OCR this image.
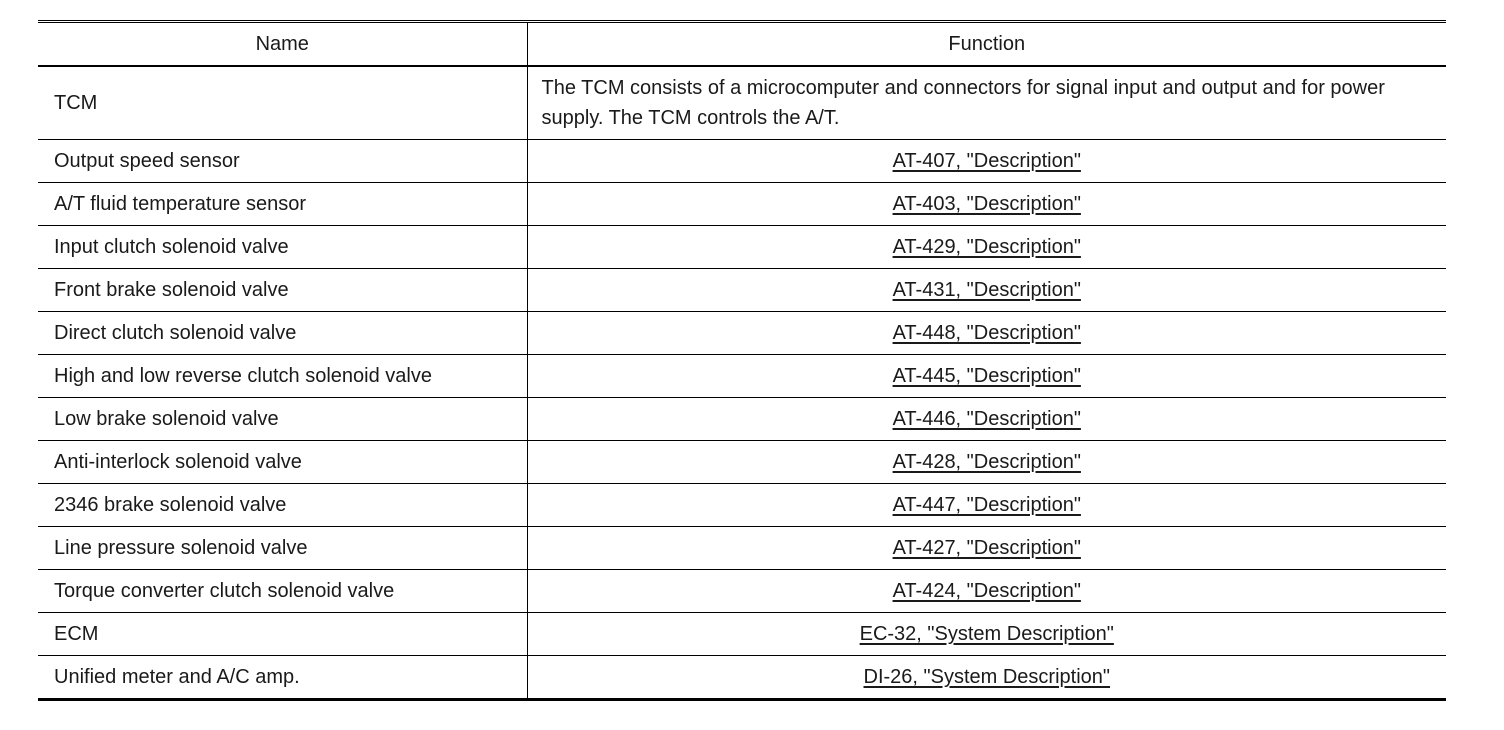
Name	Function
TCM	The TCM consists of a microcomputer and connectors for signal input and output and for power supply. The TCM controls the A/T.
Output speed sensor	AT-407, "Description"
A/T fluid temperature sensor	AT-403, "Description"
Input clutch solenoid valve	AT-429, "Description"
Front brake solenoid valve	AT-431, "Description"
Direct clutch solenoid valve	AT-448, "Description"
High and low reverse clutch solenoid valve	AT-445, "Description"
Low brake solenoid valve	AT-446, "Description"
Anti-interlock solenoid valve	AT-428, "Description"
2346 brake solenoid valve	AT-447, "Description"
Line pressure solenoid valve	AT-427, "Description"
Torque converter clutch solenoid valve	AT-424, "Description"
ECM	EC-32, "System Description"
Unified meter and A/C amp.	DI-26, "System Description"
